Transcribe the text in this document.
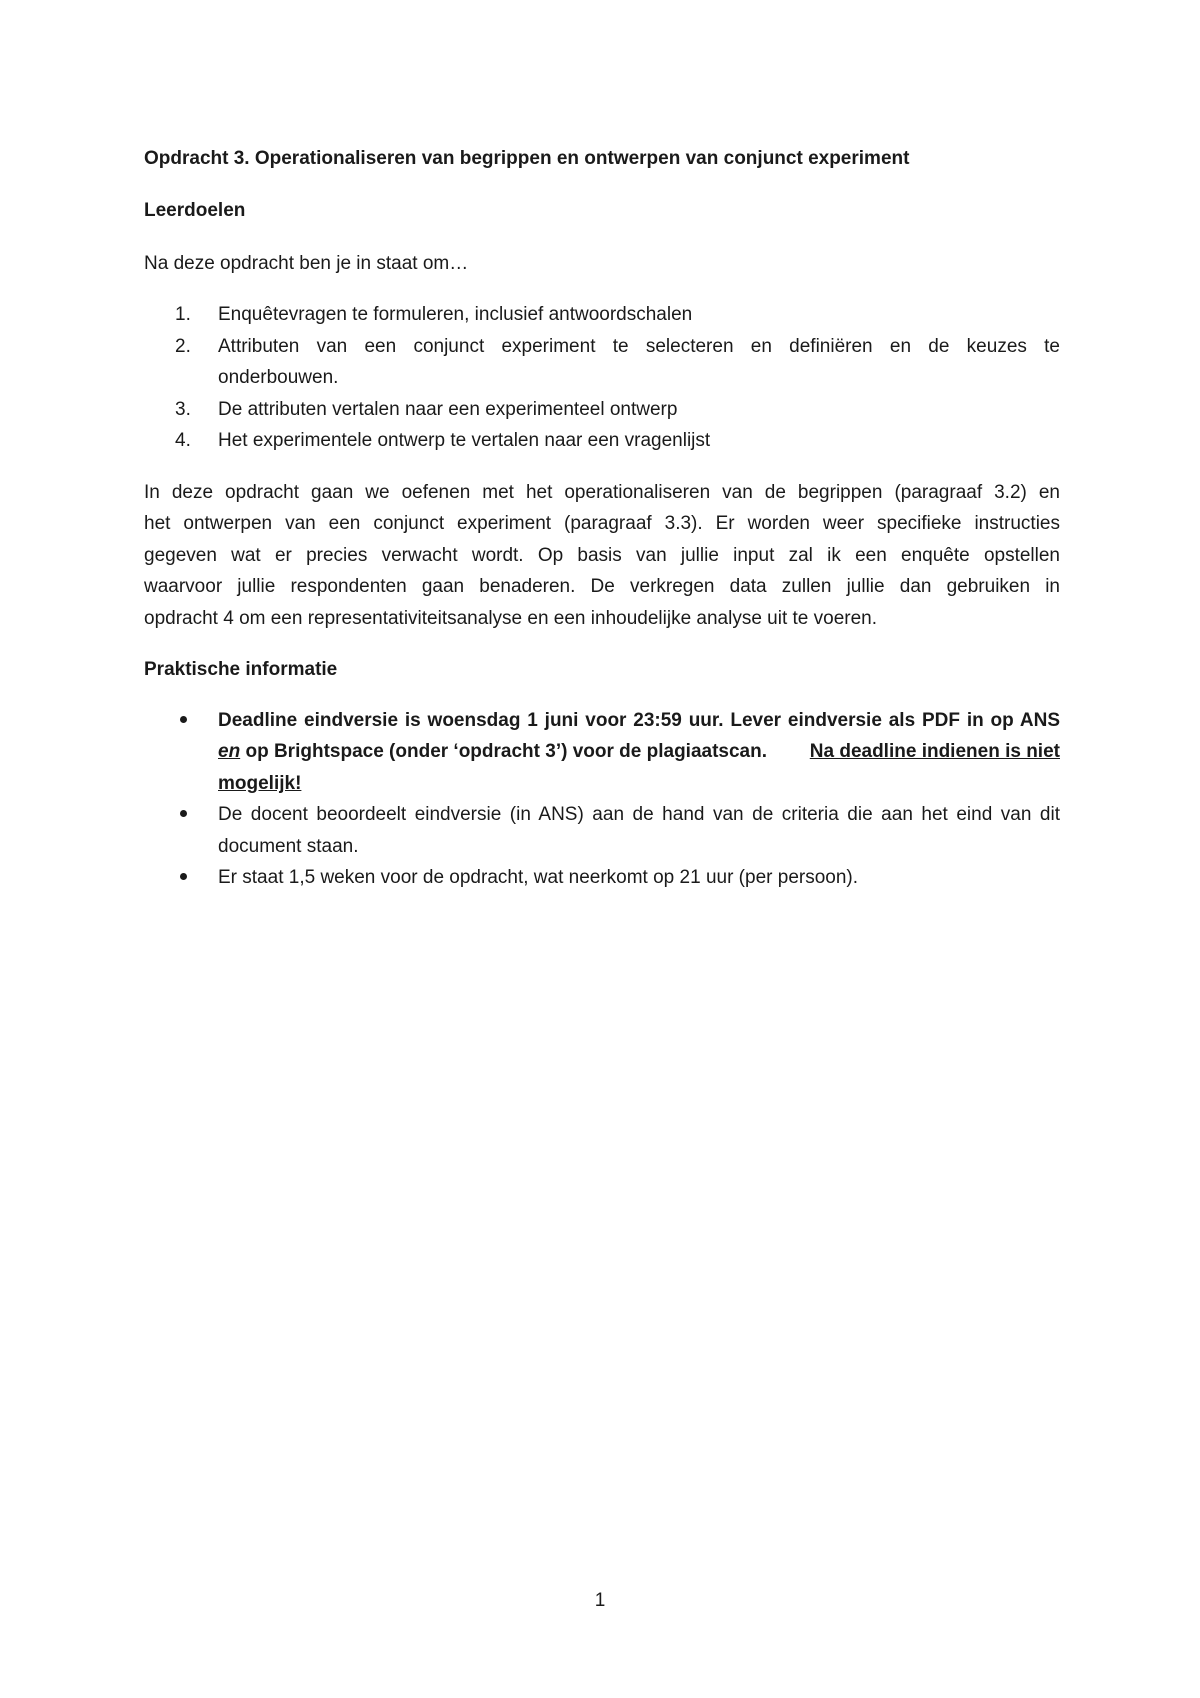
Opdracht 3. Operationaliseren van begrippen en ontwerpen van conjunct experiment

Leerdoelen

Na deze opdracht ben je in staat om…

1. Enquêtevragen te formuleren, inclusief antwoordschalen
2. Attributen van een conjunct experiment te selecteren en definiëren en de keuzes te
onderbouwen.
3. De attributen vertalen naar een experimenteel ontwerp
4. Het experimentele ontwerp te vertalen naar een vragenlijst

In deze opdracht gaan we oefenen met het operationaliseren van de begrippen (paragraaf 3.2) en

het ontwerpen van een conjunct experiment (paragraaf 3.3). Er worden weer specifieke instructies

gegeven wat er precies verwacht wordt. Op basis van jullie input zal ik een enquête opstellen

waarvoor jullie respondenten gaan benaderen. De verkregen data zullen jullie dan gebruiken in

opdracht 4 om een representativiteitsanalyse en een inhoudelijke analyse uit te voeren.

Praktische informatie

Deadline eindversie is woensdag 1 juni voor 23:59 uur. Lever eindversie als PDF in op ANS
en op Brightspace (onder ‘opdracht 3’) voor de plagiaatscan. Na deadline indienen is niet
mogelijk!
De docent beoordeelt eindversie (in ANS) aan de hand van de criteria die aan het eind van dit
document staan.
Er staat 1,5 weken voor de opdracht, wat neerkomt op 21 uur (per persoon).
1
